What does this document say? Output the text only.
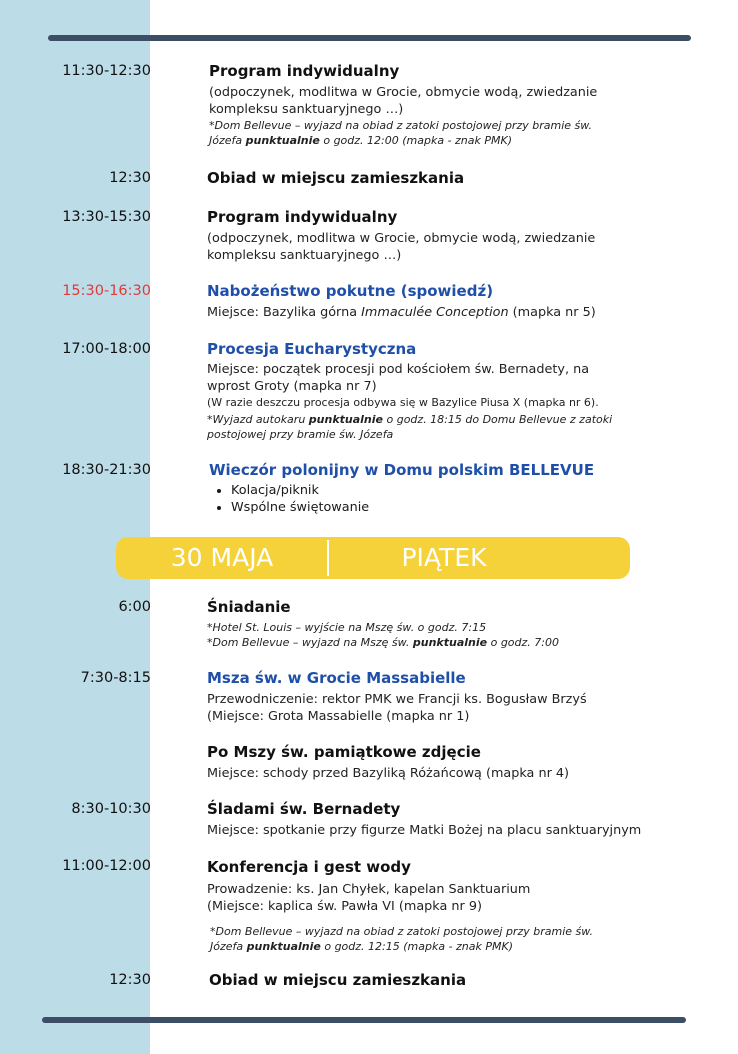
11:30-12:30	Program indywidualny
(odpoczynek, modlitwa w Grocie, obmycie wodą, zwiedzanie
kompleksu sanktuaryjnego …)
*Dom Bellevue – wyjazd na obiad z zatoki postojowej przy bramie św.
Józefa punktualnie o godz. 12:00 (mapka - znak PMK)
12:30	Obiad w miejscu zamieszkania
13:30-15:30	Program indywidualny
(odpoczynek, modlitwa w Grocie, obmycie wodą, zwiedzanie
kompleksu sanktuaryjnego …)
15:30-16:30	Nabożeństwo pokutne (spowiedź)
Miejsce: Bazylika górna Immaculée Conception (mapka nr 5)
17:00-18:00	Procesja Eucharystyczna
Miejsce: początek procesji pod kościołem św. Bernadety, na
wprost Groty (mapka nr 7)
(W razie deszczu procesja odbywa się w Bazylice Piusa X (mapka nr 6).
*Wyjazd autokaru punktualnie o godz. 18:15 do Domu Bellevue z zatoki
postojowej przy bramie św. Józefa
18:30-21:30	Wieczór polonijny w Domu polskim BELLEVUE
• Kolacja/piknik
• Wspólne świętowanie
30 MAJA	PIĄTEK
6:00	Śniadanie
*Hotel St. Louis – wyjście na Mszę św. o godz. 7:15
*Dom Bellevue – wyjazd na Mszę św. punktualnie o godz. 7:00
7:30-8:15	Msza św. w Grocie Massabielle
Przewodniczenie: rektor PMK we Francji ks. Bogusław Brzyś
(Miejsce: Grota Massabielle (mapka nr 1)
Po Mszy św. pamiątkowe zdjęcie
Miejsce: schody przed Bazyliką Różańcową (mapka nr 4)
8:30-10:30	Śladami św. Bernadety
Miejsce: spotkanie przy figurze Matki Bożej na placu sanktuaryjnym
11:00-12:00	Konferencja i gest wody
Prowadzenie: ks. Jan Chyłek, kapelan Sanktuarium
(Miejsce: kaplica św. Pawła VI (mapka nr 9)
*Dom Bellevue – wyjazd na obiad z zatoki postojowej przy bramie św.
Józefa punktualnie o godz. 12:15 (mapka - znak PMK)
12:30	Obiad w miejscu zamieszkania
